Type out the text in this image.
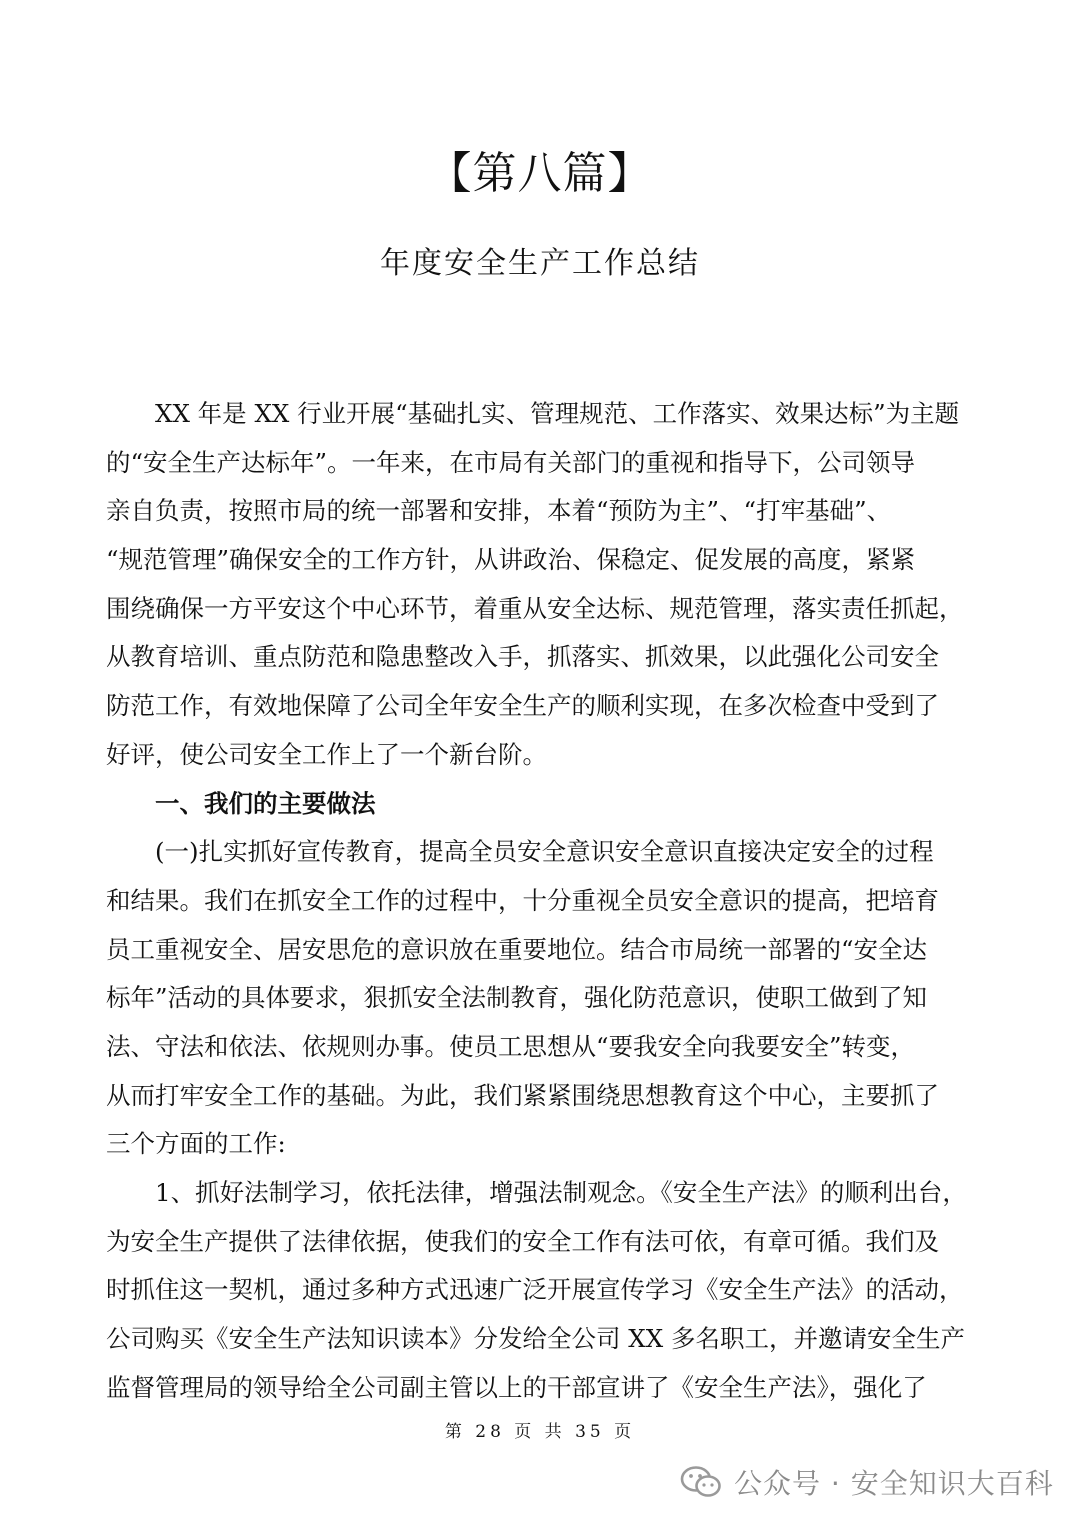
【第八篇】
年度安全生产工作总结
　　XX 年是 XX 行业开展“基础扎实、管理规范、工作落实、效果达标”为主题
的“安全生产达标年”。一年来，在市局有关部门的重视和指导下，公司领导
亲自负责，按照市局的统一部署和安排，本着“预防为主”、“打牢基础”、
“规范管理”确保安全的工作方针，从讲政治、保稳定、促发展的高度，紧紧
围绕确保一方平安这个中心环节，着重从安全达标、规范管理，落实责任抓起，
从教育培训、重点防范和隐患整改入手，抓落实、抓效果，以此强化公司安全
防范工作，有效地保障了公司全年安全生产的顺利实现，在多次检查中受到了
好评，使公司安全工作上了一个新台阶。
　　一、我们的主要做法
　　(一)扎实抓好宣传教育，提高全员安全意识安全意识直接决定安全的过程
和结果。我们在抓安全工作的过程中，十分重视全员安全意识的提高，把培育
员工重视安全、居安思危的意识放在重要地位。结合市局统一部署的“安全达
标年”活动的具体要求，狠抓安全法制教育，强化防范意识，使职工做到了知
法、守法和依法、依规则办事。使员工思想从“要我安全向我要安全”转变，
从而打牢安全工作的基础。为此，我们紧紧围绕思想教育这个中心，主要抓了
三个方面的工作:
　　1、抓好法制学习，依托法律，增强法制观念。《安全生产法》的顺利出台，
为安全生产提供了法律依据，使我们的安全工作有法可依，有章可循。我们及
时抓住这一契机，通过多种方式迅速广泛开展宣传学习《安全生产法》的活动，
公司购买《安全生产法知识读本》分发给全公司 XX 多名职工，并邀请安全生产
监督管理局的领导给全公司副主管以上的干部宣讲了《安全生产法》，强化了
第 28 页 共 35 页
公众号 · 安全知识大百科
